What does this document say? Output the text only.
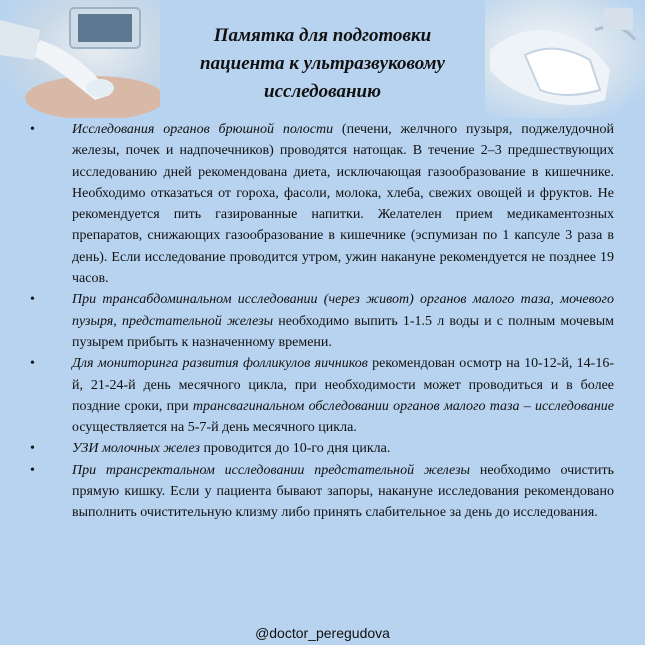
Памятка для подготовки
пациента к ультразвуковому
исследованию
•	Исследования органов брюшной полости (печени, желчного пузыря, поджелудочной железы, почек и надпочечников) проводятся натощак. В течение 2–3 предшествующих исследованию дней рекомендована диета, исключающая газообразование в кишечнике. Необходимо отказаться от гороха, фасоли, молока, хлеба, свежих овощей и фруктов. Не рекомендуется пить газированные напитки. Желателен прием медикаментозных препаратов, снижающих газообразование в кишечнике (эспумизан по 1 капсуле 3 раза в день). Если исследование проводится утром, ужин накануне рекомендуется не позднее 19 часов.
•	При трансабдоминальном исследовании (через живот) органов малого таза, мочевого пузыря, предстательной железы необходимо выпить 1-1.5 л воды и с полным мочевым пузырем прибыть к назначенному времени.
•	Для мониторинга развития фолликулов яичников рекомендован осмотр на 10-12-й, 14-16-й, 21-24-й день месячного цикла, при необходимости может проводиться и в более поздние сроки, при трансвагинальном обследовании органов малого таза – исследование осуществляется на 5-7-й день месячного цикла.
•	УЗИ молочных желез проводится до 10-го дня цикла.
•	При трансректальном исследовании предстательной железы необходимо очистить прямую кишку. Если у пациента бывают запоры, накануне исследования рекомендовано выполнить очистительную клизму либо принять слабительное за день до исследования.
@doctor_peregudova
